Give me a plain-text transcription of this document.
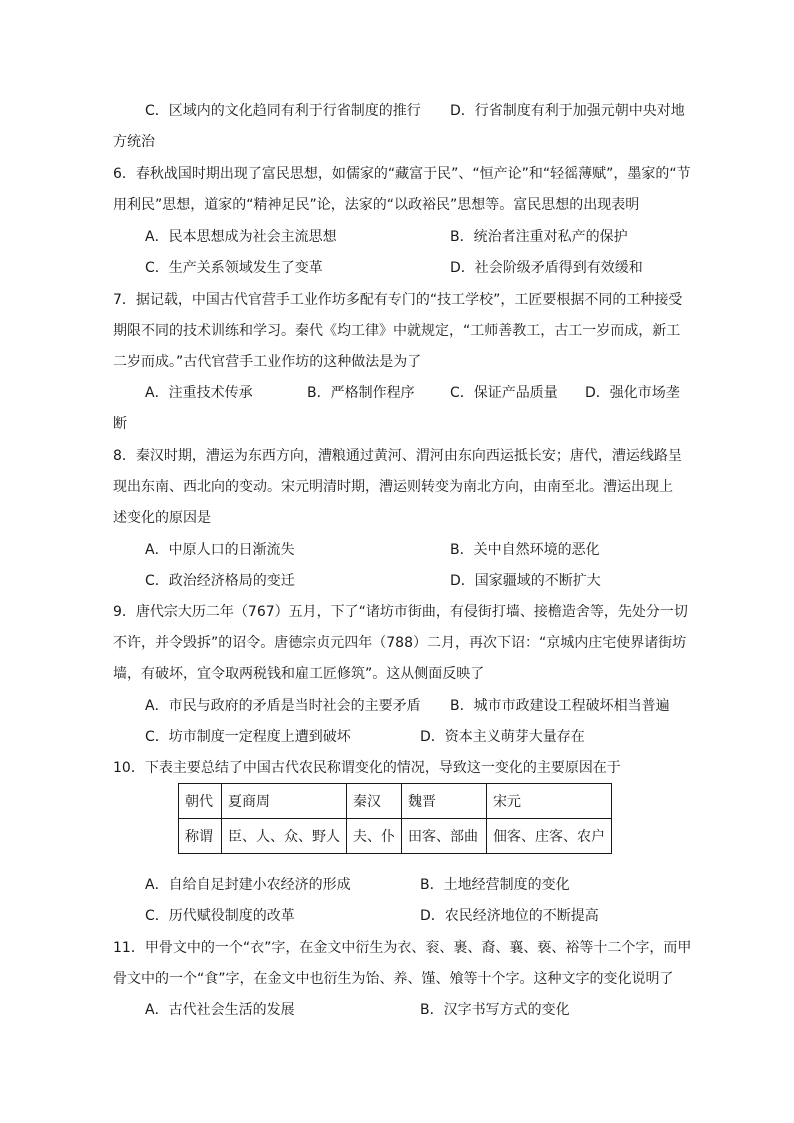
C．区域内的文化趋同有利于行省制度的推行 D．行省制度有利于加强元朝中央对地
方统治
6．春秋战国时期出现了富民思想，如儒家的“藏富于民”、“恒产论”和“轻徭薄赋”，墨家的“节
用利民”思想，道家的“精神足民”论，法家的“以政裕民”思想等。富民思想的出现表明
A．民本思想成为社会主流思想	B．统治者注重对私产的保护
C．生产关系领域发生了变革	D．社会阶级矛盾得到有效缓和
7．据记载，中国古代官营手工业作坊多配有专门的“技工学校”，工匠要根据不同的工种接受
期限不同的技术训练和学习。秦代《均工律》中就规定，“工师善教工，古工一岁而成，新工
二岁而成。”古代官营手工业作坊的这种做法是为了
A．注重技术传承	B．严格制作程序	C．保证产品质量 D．强化市场垄
断
8．秦汉时期，漕运为东西方向，漕粮通过黄河、渭河由东向西运抵长安；唐代，漕运线路呈
现出东南、西北向的变动。宋元明清时期，漕运则转变为南北方向，由南至北。漕运出现上
述变化的原因是
A．中原人口的日渐流失	B．关中自然环境的恶化
C．政治经济格局的变迁	D．国家疆域的不断扩大
9．唐代宗大历二年（767）五月，下了“诸坊市街曲，有侵街打墙、接檐造舍等，先处分一切
不许，并令毁拆”的诏令。唐德宗贞元四年（788）二月，再次下诏：“京城内庄宅使界诸街坊
墙，有破坏，宜令取两税钱和雇工匠修筑”。这从侧面反映了
A．市民与政府的矛盾是当时社会的主要矛盾 B．城市市政建设工程破坏相当普遍
C．坊市制度一定程度上遭到破坏	D．资本主义萌芽大量存在
10．下表主要总结了中国古代农民称谓变化的情况，导致这一变化的主要原因在于
朝代	夏商周	秦汉	魏晋	宋元
称谓	臣、人、众、野人	夫、仆	田客、部曲	佃客、庄客、农户
A．自给自足封建小农经济的形成	B．土地经营制度的变化
C．历代赋役制度的改革	D．农民经济地位的不断提高
11．甲骨文中的一个“衣”字，在金文中衍生为衣、衮、裹、裔、襄、亵、裕等十二个字，而甲
骨文中的一个“食”字，在金文中也衍生为饴、养、馑、飧等十个字。这种文字的变化说明了
A．古代社会生活的发展	B．汉字书写方式的变化
